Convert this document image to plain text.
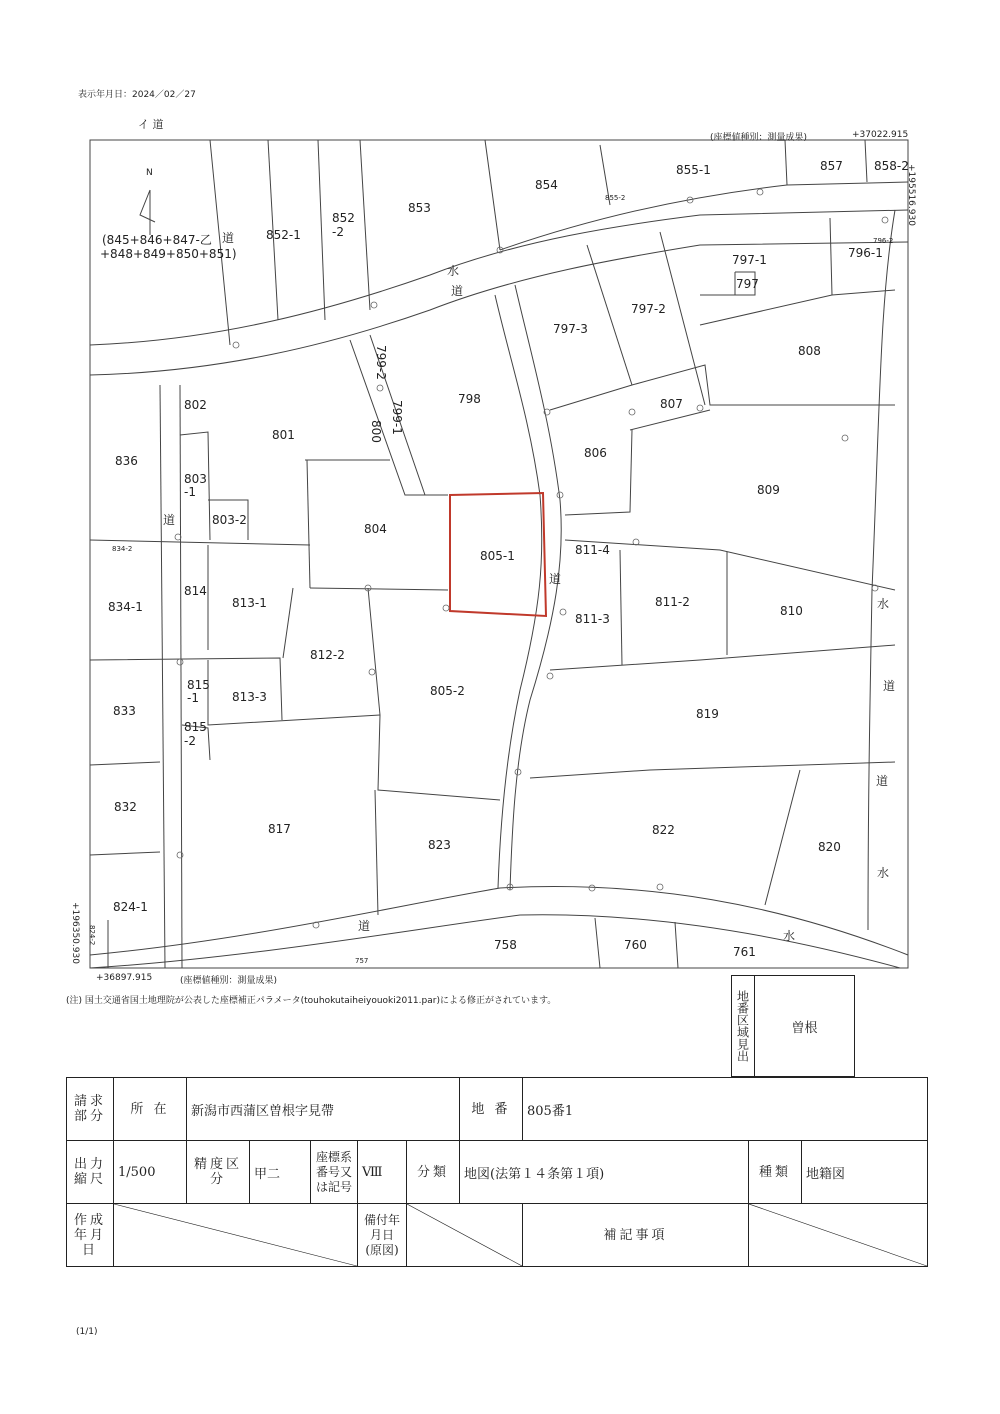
表示年月日：2024／02／27
イ 道
(座標値種別：測量成果)	+37022.915
+195516.930
+196350.930
+36897.915	(座標値種別：測量成果)
(注) 国土交通省国土地理院が公表した座標補正パラメータ(touhokutaiheiyouoki2011.par)による修正がされています。
N
(845+846+847-乙
+848+849+850+851)
853
854
855-1	857	858-2
852-1
852
-2
855-2
796-2
797-1	796-1
797
797-2
797-3
799-2
798
800 799-1
808
802
801
807
806
809
836
803
-1
803-2
804
805-1	811-4
834-2
834-1
814
813-1	811-2
811-3
810
812-2
815
-1	813-3	805-2
833
815
-2
819
832
817
823
822
820
824-1
824-2	758	760	761
757
道
水
道
道
道
水
道
道
水
道
水
地番区域見出	曽根
請求部分	所 在	新潟市西蒲区曽根字見帶					地 番	805番1		
出力縮尺	1/500	精度区分	甲二	座標系番号又は記号	Ⅷ	分類	地図(法第１４条第１項)		種類	地籍図
作成年月日					備付年月日(原図)			補記事項	
(1/1)
